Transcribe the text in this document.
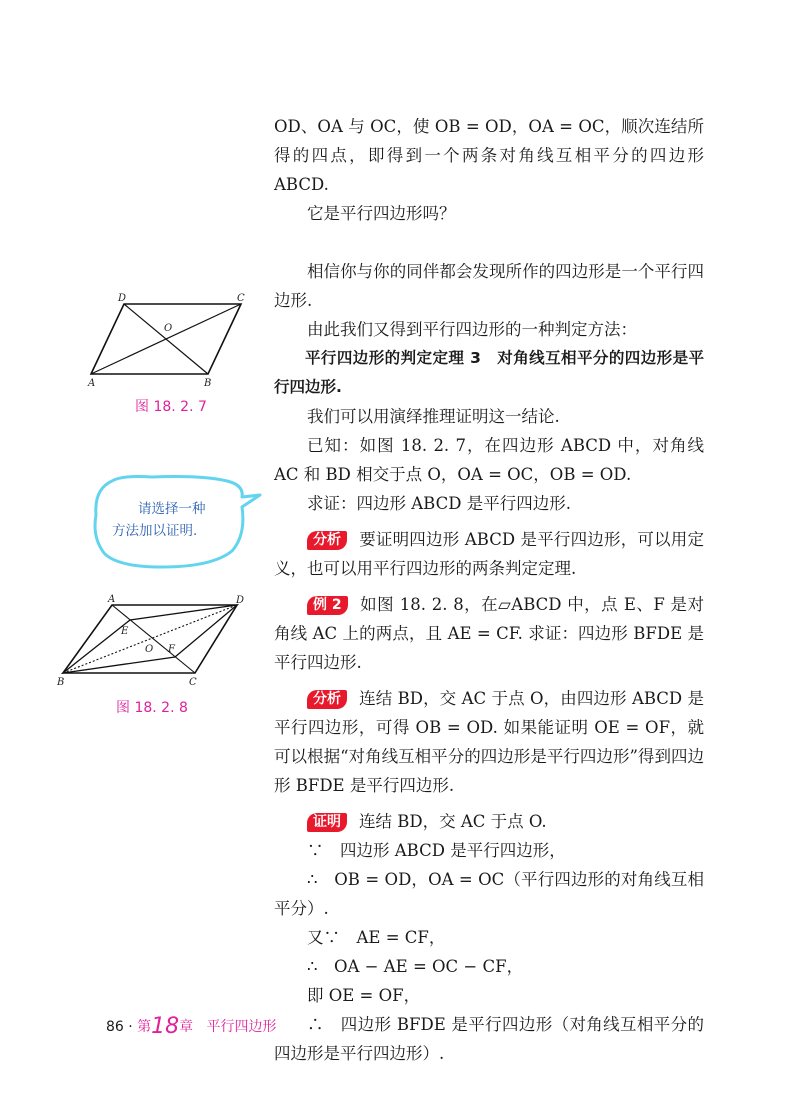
OD、OA 与 OC，使 OB = OD，OA = OC，顺次连结所得的四点，即得到一个两条对角线互相平分的四边形 ABCD.

它是平行四边形吗？

相信你与你的同伴都会发现所作的四边形是一个平行四边形.

由此我们又得到平行四边形的一种判定方法：

平行四边形的判定定理 3　对角线互相平分的四边形是平行四边形.

我们可以用演绎推理证明这一结论.

已知：如图 18. 2. 7，在四边形 ABCD 中，对角线 AC 和 BD 相交于点 O，OA = OC，OB = OD.

求证：四边形 ABCD 是平行四边形.

分析 要证明四边形 ABCD 是平行四边形，可以用定义，也可以用平行四边形的两条判定定理.

例 2 如图 18. 2. 8，在▱ABCD 中，点 E、F 是对角线 AC 上的两点，且 AE = CF. 求证：四边形 BFDE 是平行四边形.

分析 连结 BD，交 AC 于点 O，由四边形 ABCD 是平行四边形，可得 OB = OD. 如果能证明 OE = OF，就可以根据“对角线互相平分的四边形是平行四边形”得到四边形 BFDE 是平行四边形.

证明 连结 BD，交 AC 于点 O.

∵　四边形 ABCD 是平行四边形，

∴　OB = OD，OA = OC（平行四边形的对角线互相平分）.

又∵　AE = CF，

∴　OA − AE = OC − CF，

即 OE = OF，

∴　四边形 BFDE 是平行四边形（对角线互相平分的四边形是平行四边形）.

D	C
O
A	B
图 18. 2. 7
请选择一种
方法加以证明.
A	D
E
O F
B	C
图 18. 2. 8
86 · 第18章 平行四边形
